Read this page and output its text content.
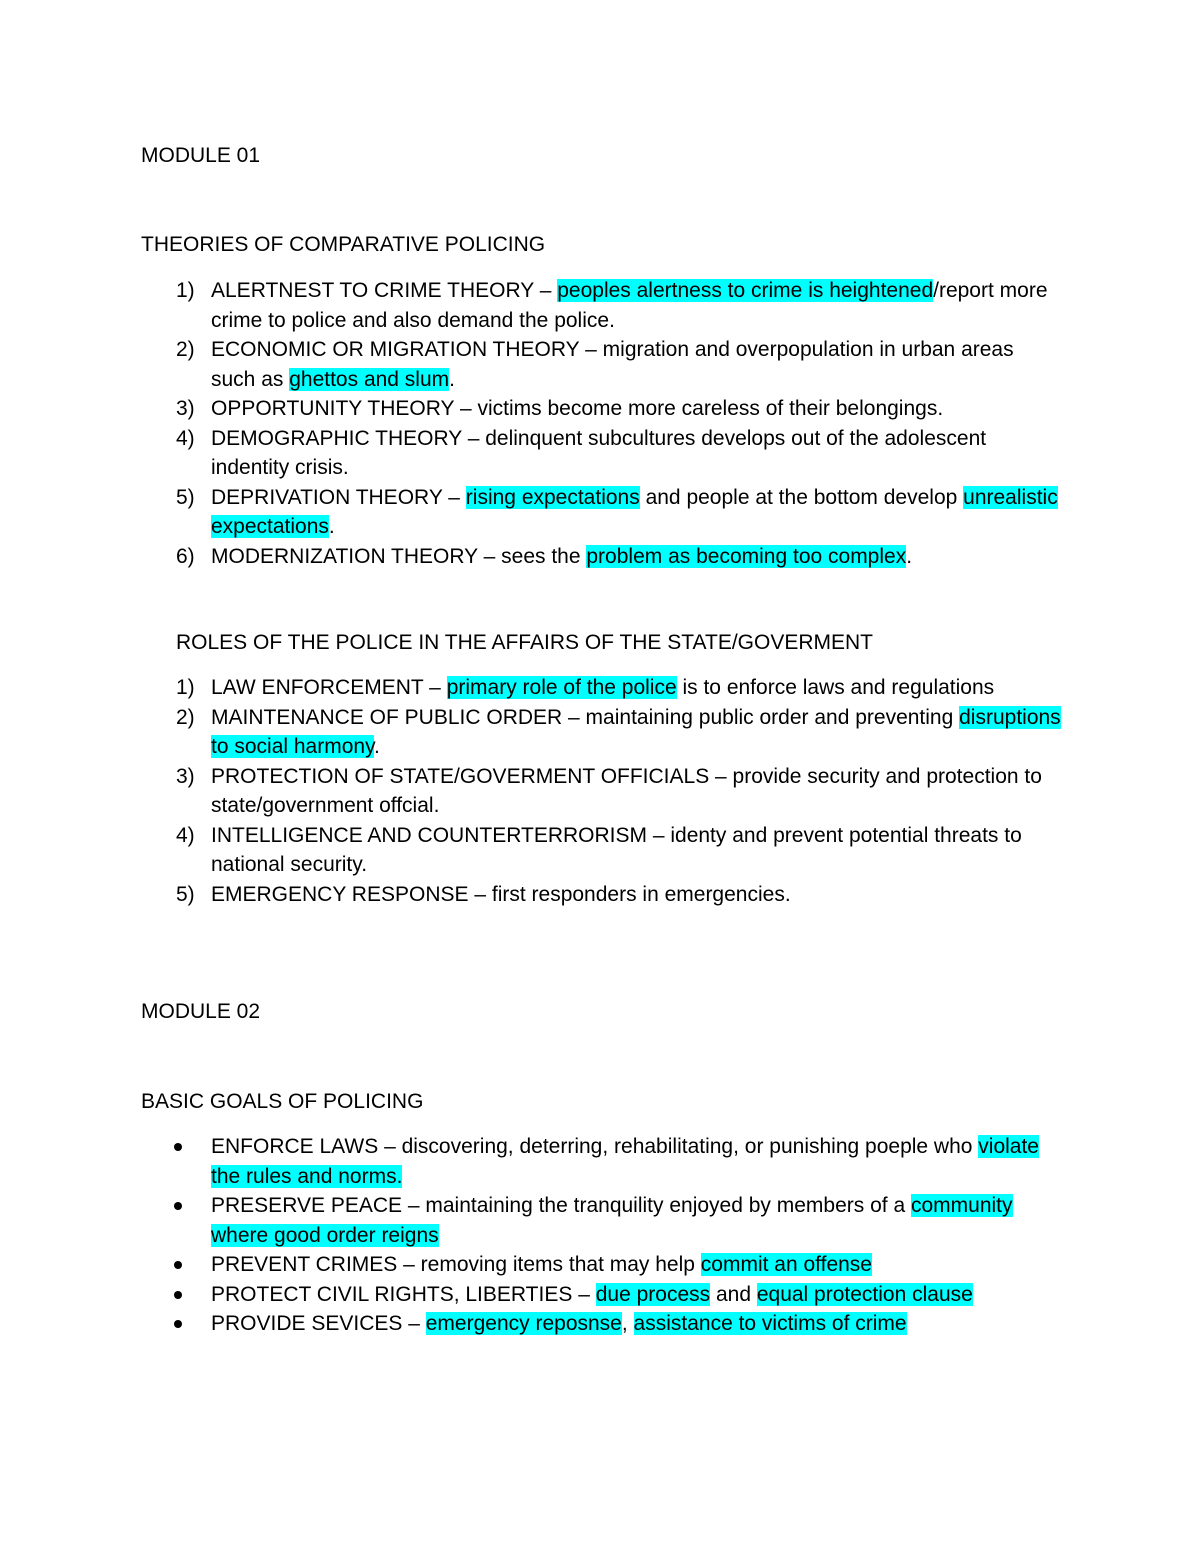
MODULE 01
THEORIES OF COMPARATIVE POLICING
1) ALERTNEST TO CRIME THEORY – peoples alertness to crime is heightened/report more crime to police and also demand the police.
2) ECONOMIC OR MIGRATION THEORY – migration and overpopulation in urban areas such as ghettos and slum.
3) OPPORTUNITY THEORY – victims become more careless of their belongings.
4) DEMOGRAPHIC THEORY – delinquent subcultures develops out of the adolescent indentity crisis.
5) DEPRIVATION THEORY – rising expectations and people at the bottom develop unrealistic expectations.
6) MODERNIZATION THEORY – sees the problem as becoming too complex.
ROLES OF THE POLICE IN THE AFFAIRS OF THE STATE/GOVERMENT
1) LAW ENFORCEMENT – primary role of the police is to enforce laws and regulations
2) MAINTENANCE OF PUBLIC ORDER – maintaining public order and preventing disruptions to social harmony.
3) PROTECTION OF STATE/GOVERMENT OFFICIALS – provide security and protection to state/government offcial.
4) INTELLIGENCE AND COUNTERTERRORISM – identy and prevent potential threats to national security.
5) EMERGENCY RESPONSE – first responders in emergencies.
MODULE 02
BASIC GOALS OF POLICING
ENFORCE LAWS – discovering, deterring, rehabilitating, or punishing poeple who violate the rules and norms.
PRESERVE PEACE – maintaining the tranquility enjoyed by members of a community where good order reigns
PREVENT CRIMES – removing items that may help commit an offense
PROTECT CIVIL RIGHTS, LIBERTIES – due process and equal protection clause
PROVIDE SEVICES – emergency reposnse, assistance to victims of crime
